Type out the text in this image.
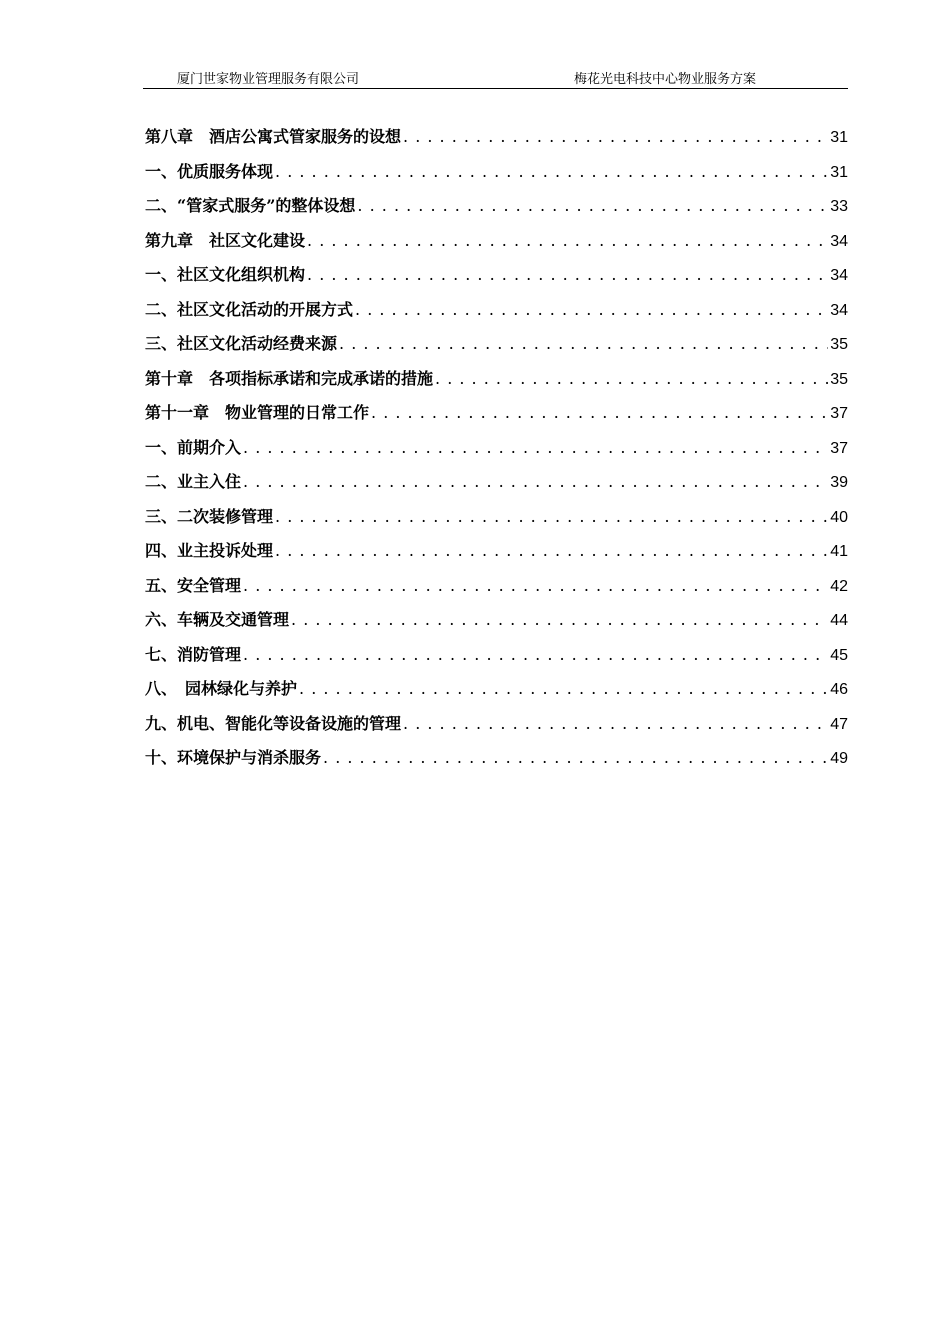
厦门世家物业管理服务有限公司	梅花光电科技中心物业服务方案
第八章　酒店公寓式管家服务的设想 . . .	31
一、优质服务体现 . . .	31
二、“管家式服务”的整体设想 . . .	33
第九章　社区文化建设 . . .	34
一、社区文化组织机构 . . .	34
二、社区文化活动的开展方式 . . .	34
三、社区文化活动经费来源 . . .	35
第十章　各项指标承诺和完成承诺的措施 . . .	35
第十一章　物业管理的日常工作 . . .	37
一、前期介入 . . .	37
二、业主入住 . . .	39
三、二次装修管理 . . .	40
四、业主投诉处理 . . .	41
五、安全管理 . . .	42
六、车辆及交通管理 . . .	44
七、消防管理 . . .	45
八、　园林绿化与养护 . . .	46
九、机电、智能化等设备设施的管理 . . .	47
十、环境保护与消杀服务 . . .	49
